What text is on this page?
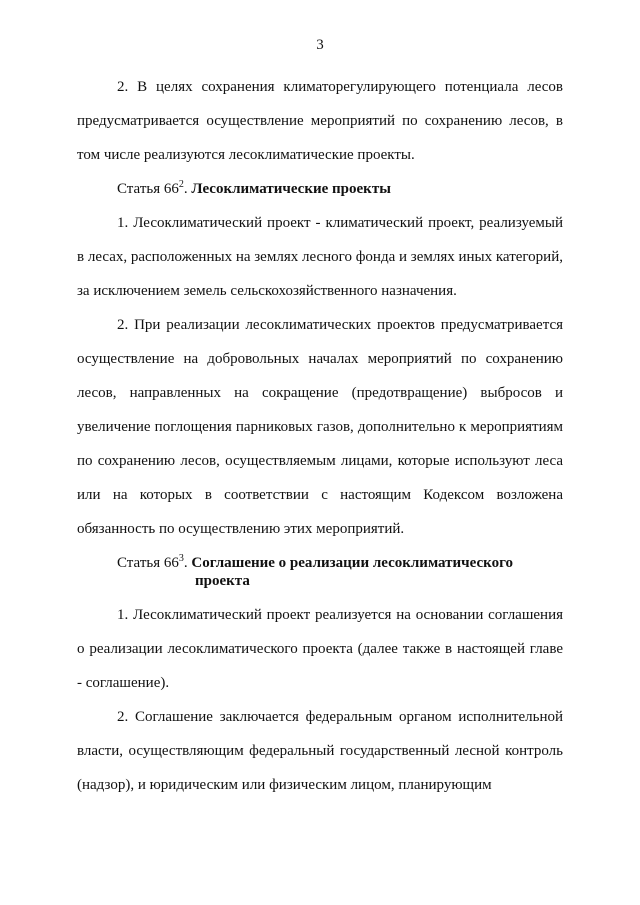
3

2. В целях сохранения климаторегулирующего потенциала лесов предусматривается осуществление мероприятий по сохранению лесов, в том числе реализуются лесоклиматические проекты.

Статья $66^2$. Лесоклиматические проекты

1. Лесоклиматический проект - климатический проект, реализуемый в лесах, расположенных на землях лесного фонда и землях иных категорий, за исключением земель сельскохозяйственного назначения.

2. При реализации лесоклиматических проектов предусматривается осуществление на добровольных началах мероприятий по сохранению лесов, направленных на сокращение (предотвращение) выбросов и увеличение поглощения парниковых газов, дополнительно к мероприятиям по сохранению лесов, осуществляемым лицами, которые используют леса или на которых в соответствии с настоящим Кодексом возложена обязанность по осуществлению этих мероприятий.

Статья $66^3$. Соглашение о реализации лесоклиматического
проекта

1. Лесоклиматический проект реализуется на основании соглашения о реализации лесоклиматического проекта (далее также в настоящей главе - соглашение).

2. Соглашение заключается федеральным органом исполнительной власти, осуществляющим федеральный государственный лесной контроль (надзор), и юридическим или физическим лицом, планирующим
